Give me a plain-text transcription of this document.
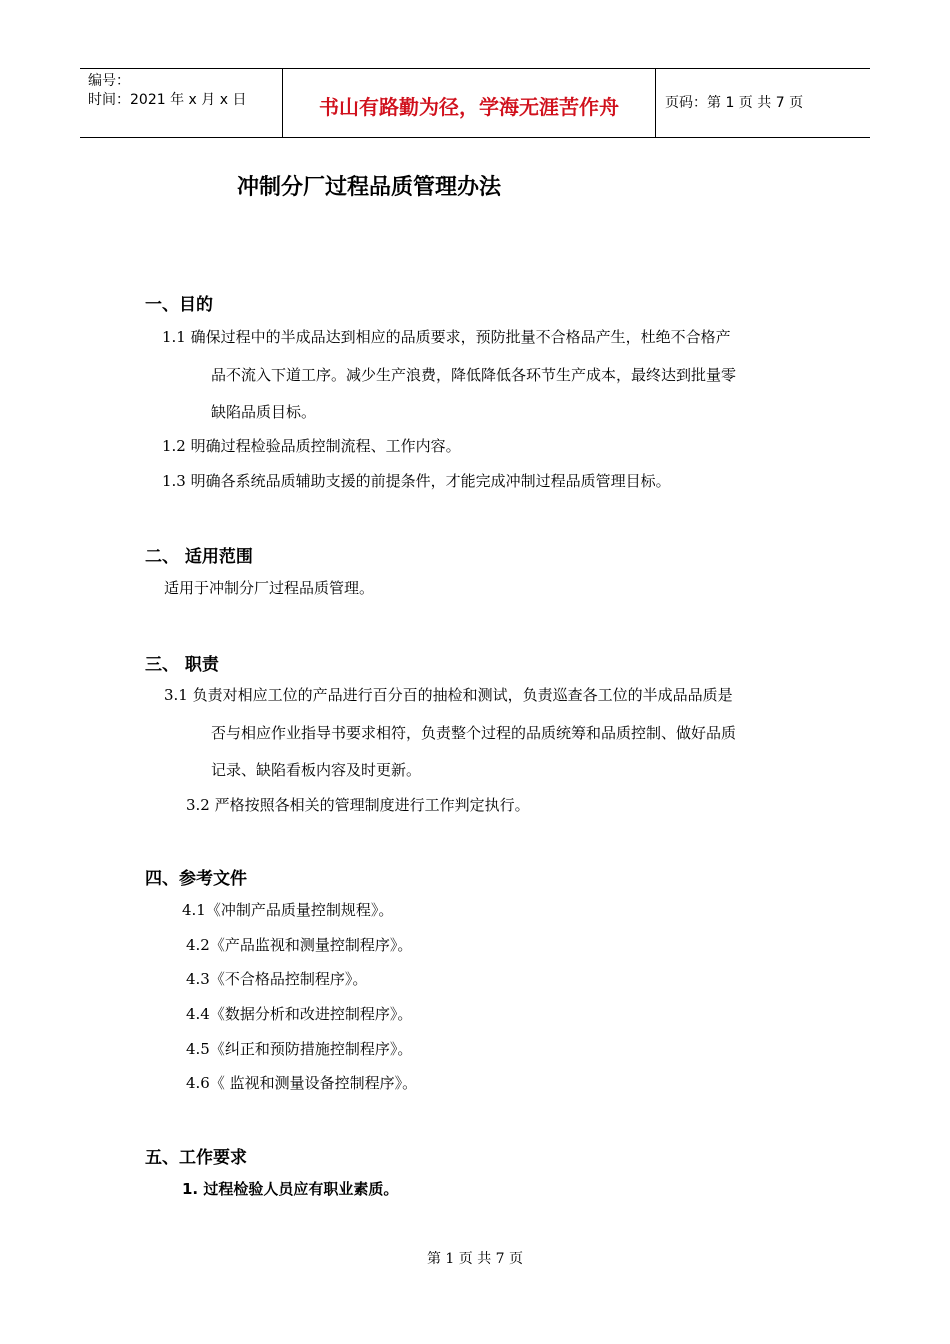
编号：
时间：2021 年 x 月 x 日	书山有路勤为径，学海无涯苦作舟	页码：第 1 页 共 7 页
冲制分厂过程品质管理办法
一、目的
1.1 确保过程中的半成品达到相应的品质要求，预防批量不合格品产生，杜绝不合格产
品不流入下道工序。减少生产浪费，降低降低各环节生产成本，最终达到批量零
缺陷品质目标。
1.2 明确过程检验品质控制流程、工作内容。
1.3 明确各系统品质辅助支援的前提条件，才能完成冲制过程品质管理目标。
二、 适用范围
适用于冲制分厂过程品质管理。
三、 职责
3.1 负责对相应工位的产品进行百分百的抽检和测试，负责巡查各工位的半成品品质是
否与相应作业指导书要求相符，负责整个过程的品质统筹和品质控制、做好品质
记录、缺陷看板内容及时更新。
3.2 严格按照各相关的管理制度进行工作判定执行。
四、参考文件
4.1《冲制产品质量控制规程》。
4.2《产品监视和测量控制程序》。
4.3《不合格品控制程序》。
4.4《数据分析和改进控制程序》。
4.5《纠正和预防措施控制程序》。
4.6《 监视和测量设备控制程序》。
五、工作要求
1. 过程检验人员应有职业素质。
第 1 页 共 7 页
